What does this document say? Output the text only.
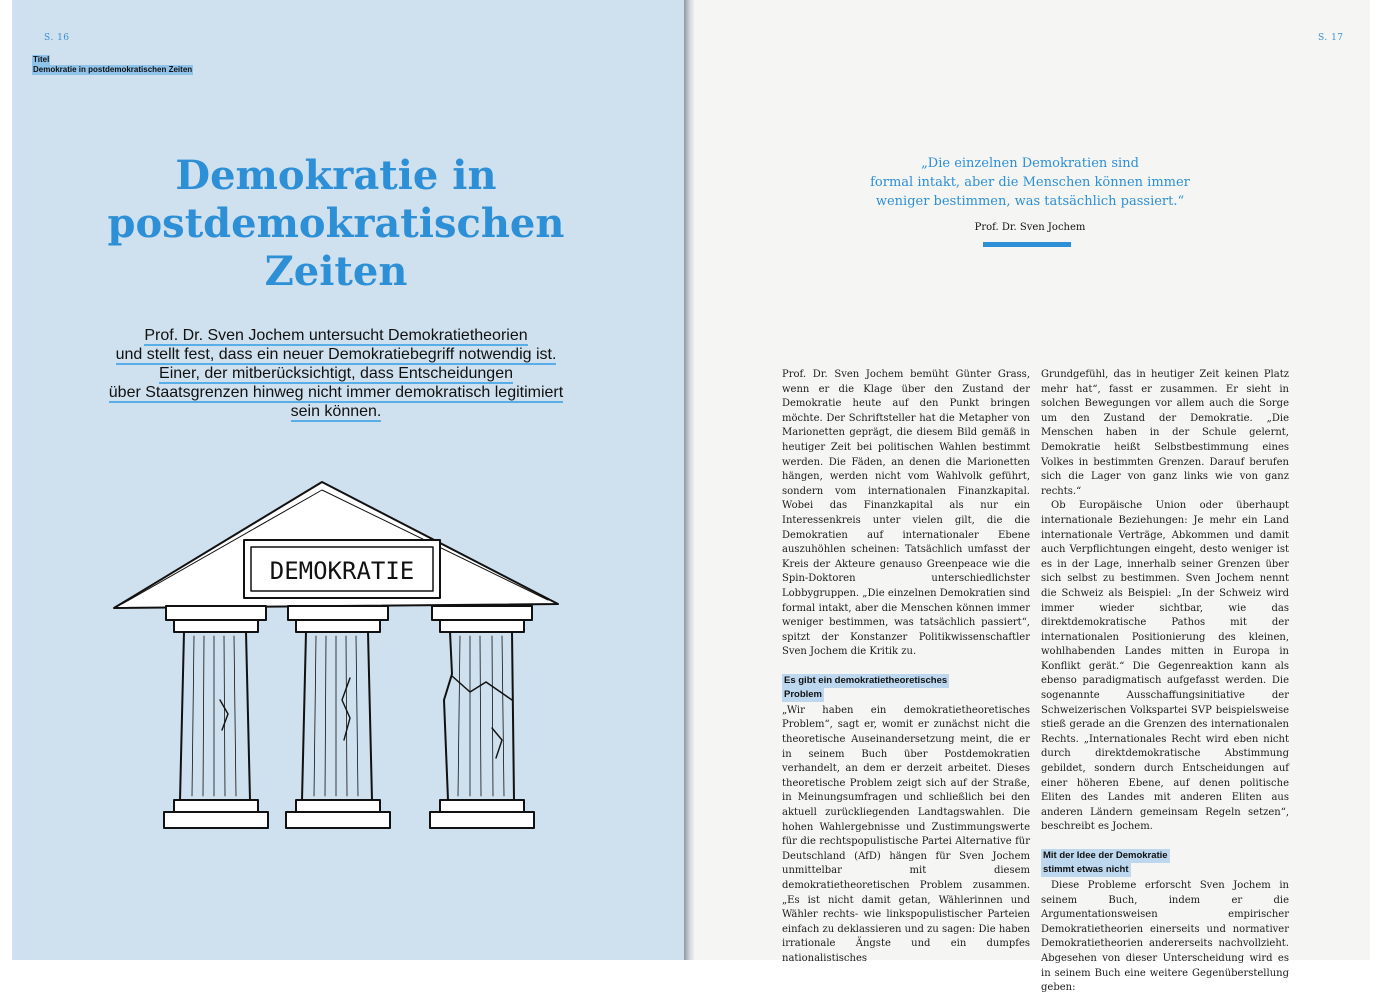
S. 16
Titel
Demokratie in postdemokratischen Zeiten
Demokratie in
postdemokratischen
Zeiten
Prof. Dr. Sven Jochem untersucht Demokratietheorien
und stellt fest, dass ein neuer Demokratiebegriff notwendig ist.
Einer, der mitberücksichtigt, dass Entscheidungen
über Staatsgrenzen hinweg nicht immer demokratisch legitimiert
sein können.
DEMOKRATIE
S. 17
„Die einzelnen Demokratien sind
formal intakt, aber die Menschen können immer
weniger bestimmen, was tatsächlich passiert.“
Prof. Dr. Sven Jochem

Prof. Dr. Sven Jochem bemüht Günter Grass, wenn er die Klage über den Zustand der Demokratie heute auf den Punkt bringen möchte. Der Schriftsteller hat die Metapher von Marionetten geprägt, die diesem Bild gemäß in heutiger Zeit bei politischen Wahlen bestimmt werden. Die Fäden, an denen die Marionetten hängen, werden nicht vom Wahlvolk geführt, sondern vom internationalen Finanzkapital. Wobei das Finanzkapital als nur ein Interessenkreis unter vielen gilt, die die Demokratien auf internationaler Ebene auszuhöhlen scheinen: Tatsächlich umfasst der Kreis der Akteure genauso Greenpeace wie die Spin-Doktoren unterschiedlichster Lobbygruppen. „Die einzelnen Demokratien sind formal intakt, aber die Menschen können immer weniger bestimmen, was tatsächlich passiert“, spitzt der Konstanzer Politikwissenschaftler Sven Jochem die Kritik zu.

Es gibt ein demokratietheoretisches
Problem

„Wir haben ein demokratietheoretisches Problem“, sagt er, womit er zunächst nicht die theoretische Auseinandersetzung meint, die er in seinem Buch über Postdemokratien verhandelt, an dem er derzeit arbeitet. Dieses theoretische Problem zeigt sich auf der Straße, in Meinungsumfragen und schließlich bei den aktuell zurückliegenden Landtagswahlen. Die hohen Wahlergebnisse und Zustimmungswerte für die rechtspopulistische Partei Alternative für Deutschland (AfD) hängen für Sven Jochem unmittelbar mit diesem demokratietheoretischen Problem zusammen. „Es ist nicht damit getan, Wählerinnen und Wähler rechts- wie linkspopulistischer Parteien einfach zu deklassieren und zu sagen: Die haben irrationale Ängste und ein dumpfes nationalistisches

Grundgefühl, das in heutiger Zeit keinen Platz mehr hat“, fasst er zusammen. Er sieht in solchen Bewegungen vor allem auch die Sorge um den Zustand der Demokratie. „Die Menschen haben in der Schule gelernt, Demokratie heißt Selbstbestimmung eines Volkes in bestimmten Grenzen. Darauf berufen sich die Lager von ganz links wie von ganz rechts.“

Ob Europäische Union oder überhaupt internationale Beziehungen: Je mehr ein Land internationale Verträge, Abkommen und damit auch Verpflichtungen eingeht, desto weniger ist es in der Lage, innerhalb seiner Grenzen über sich selbst zu bestimmen. Sven Jochem nennt die Schweiz als Beispiel: „In der Schweiz wird immer wieder sichtbar, wie das direktdemokratische Pathos mit der internationalen Positionierung des kleinen, wohlhabenden Landes mitten in Europa in Konflikt gerät.“ Die Gegenreaktion kann als ebenso paradigmatisch aufgefasst werden. Die sogenannte Ausschaffungsinitiative der Schweizerischen Volkspartei SVP beispielsweise stieß gerade an die Grenzen des internationalen Rechts. „Internationales Recht wird eben nicht durch direktdemokratische Abstimmung gebildet, sondern durch Entscheidungen auf einer höheren Ebene, auf denen politische Eliten des Landes mit anderen Eliten aus anderen Ländern gemeinsam Regeln setzen“, beschreibt es Jochem.

Mit der Idee der Demokratie
stimmt etwas nicht

Diese Probleme erforscht Sven Jochem in seinem Buch, indem er die Argumentationsweisen empirischer Demokratietheorien einerseits und normativer Demokratietheorien andererseits nachvollzieht. Abgesehen von dieser Unterscheidung wird es in seinem Buch eine weitere Gegenüberstellung geben:
